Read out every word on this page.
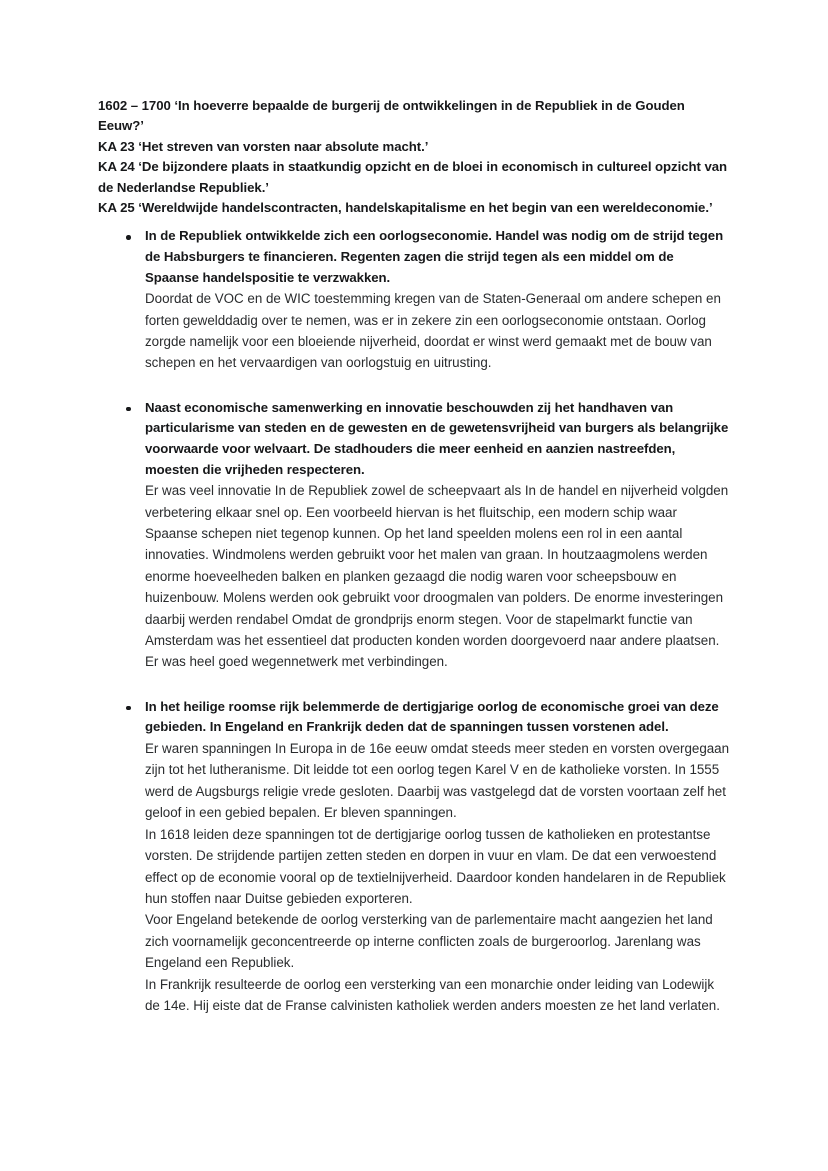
1602 – 1700 ‘In hoeverre bepaalde de burgerij de ontwikkelingen in de Republiek in de Gouden Eeuw?’

KA 23 ‘Het streven van vorsten naar absolute macht.’

KA 24 ‘De bijzondere plaats in staatkundig opzicht en de bloei in economisch in cultureel opzicht van de Nederlandse Republiek.’

KA 25 ‘Wereldwijde handelscontracten, handelskapitalisme en het begin van een wereldeconomie.’

In de Republiek ontwikkelde zich een oorlogseconomie. Handel was nodig om de strijd tegen de Habsburgers te financieren. Regenten zagen die strijd tegen als een middel om de Spaanse handelspositie te verzwakken.

Doordat de VOC en de WIC toestemming kregen van de Staten-Generaal om andere schepen en forten gewelddadig over te nemen, was er in zekere zin een oorlogseconomie ontstaan. Oorlog zorgde namelijk voor een bloeiende nijverheid, doordat er winst werd gemaakt met de bouw van schepen en het vervaardigen van oorlogstuig en uitrusting.

Naast economische samenwerking en innovatie beschouwden zij het handhaven van particularisme van steden en de gewesten en de gewetensvrijheid van burgers als belangrijke voorwaarde voor welvaart. De stadhouders die meer eenheid en aanzien nastreefden, moesten die vrijheden respecteren.

Er was veel innovatie In de Republiek zowel de scheepvaart als In de handel en nijverheid volgden verbetering elkaar snel op. Een voorbeeld hiervan is het fluitschip, een modern schip waar Spaanse schepen niet tegenop kunnen. Op het land speelden molens een rol in een aantal innovaties. Windmolens werden gebruikt voor het malen van graan. In houtzaagmolens werden enorme hoeveelheden balken en planken gezaagd die nodig waren voor scheepsbouw en huizenbouw. Molens werden ook gebruikt voor droogmalen van polders. De enorme investeringen daarbij werden rendabel Omdat de grondprijs enorm stegen. Voor de stapelmarkt functie van Amsterdam was het essentieel dat producten konden worden doorgevoerd naar andere plaatsen. Er was heel goed wegennetwerk met verbindingen.

In het heilige roomse rijk belemmerde de dertigjarige oorlog de economische groei van deze gebieden. In Engeland en Frankrijk deden dat de spanningen tussen vorstenen adel.

Er waren spanningen In Europa in de 16e eeuw omdat steeds meer steden en vorsten overgegaan zijn tot het lutheranisme. Dit leidde tot een oorlog tegen Karel V en de katholieke vorsten. In 1555 werd de Augsburgs religie vrede gesloten. Daarbij was vastgelegd dat de vorsten voortaan zelf het geloof in een gebied bepalen. Er bleven spanningen.

In 1618 leiden deze spanningen tot de dertigjarige oorlog tussen de katholieken en protestantse vorsten. De strijdende partijen zetten steden en dorpen in vuur en vlam. De dat een verwoestend effect op de economie vooral op de textielnijverheid. Daardoor konden handelaren in de Republiek hun stoffen naar Duitse gebieden exporteren.

Voor Engeland betekende de oorlog versterking van de parlementaire macht aangezien het land zich voornamelijk geconcentreerde op interne conflicten zoals de burgeroorlog. Jarenlang was Engeland een Republiek.

In Frankrijk resulteerde de oorlog een versterking van een monarchie onder leiding van Lodewijk de 14e. Hij eiste dat de Franse calvinisten katholiek werden anders moesten ze het land verlaten.
